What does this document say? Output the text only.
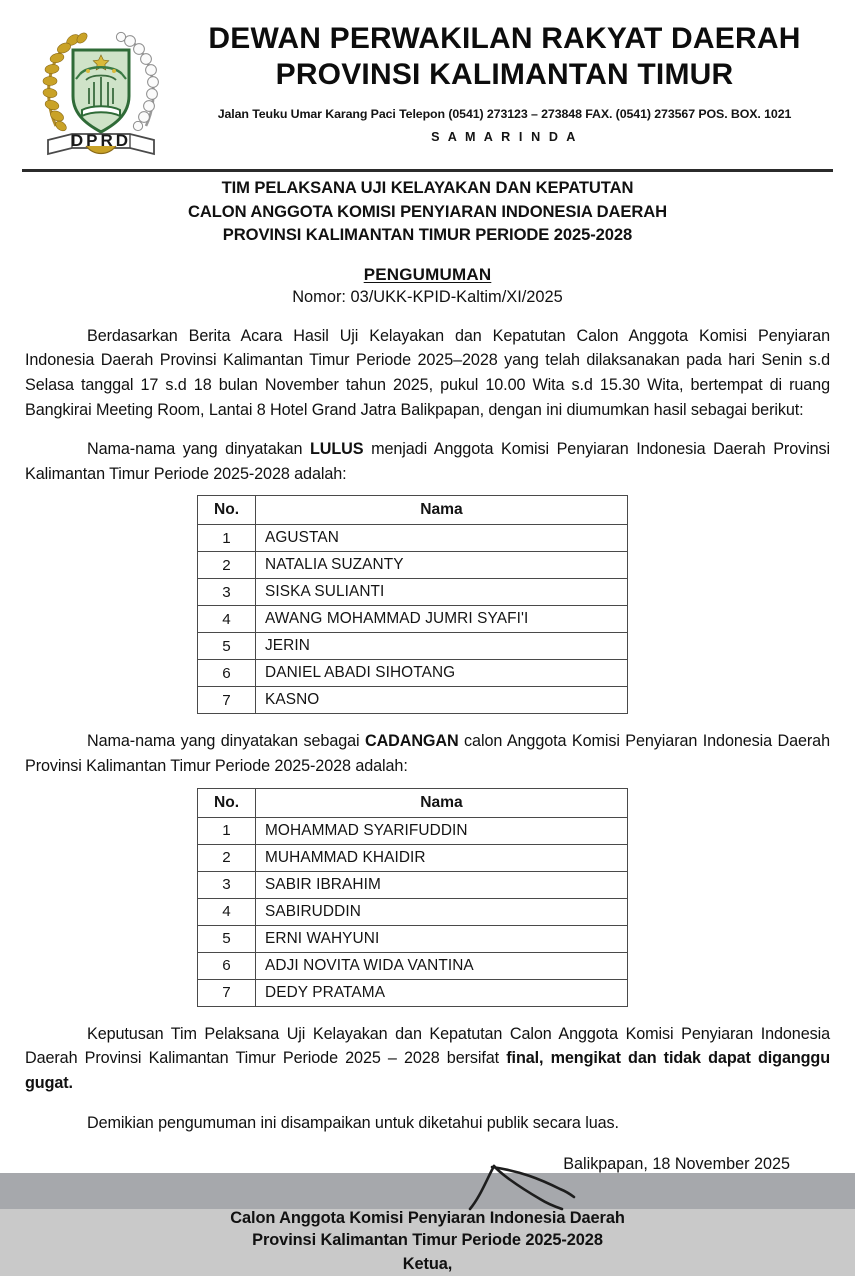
DPRD
DEWAN PERWAKILAN RAKYAT DAERAH
PROVINSI KALIMANTAN TIMUR
Jalan Teuku Umar Karang Paci Telepon (0541) 273123 – 273848 FAX. (0541) 273567 POS. BOX. 1021
S A M A R I N D A
TIM PELAKSANA UJI KELAYAKAN DAN KEPATUTAN
CALON ANGGOTA KOMISI PENYIARAN INDONESIA DAERAH
PROVINSI KALIMANTAN TIMUR PERIODE 2025-2028
PENGUMUMAN
Nomor: 03/UKK-KPID-Kaltim/XI/2025

Berdasarkan Berita Acara Hasil Uji Kelayakan dan Kepatutan Calon Anggota Komisi Penyiaran Indonesia Daerah Provinsi Kalimantan Timur Periode 2025–2028 yang telah dilaksanakan pada hari Senin s.d Selasa tanggal 17 s.d 18 bulan November tahun 2025, pukul 10.00 Wita s.d 15.30 Wita, bertempat di ruang Bangkirai Meeting Room, Lantai 8 Hotel Grand Jatra Balikpapan, dengan ini diumumkan hasil sebagai berikut:

Nama-nama yang dinyatakan LULUS menjadi Anggota Komisi Penyiaran Indonesia Daerah Provinsi Kalimantan Timur Periode 2025-2028 adalah:

No.	Nama
1	AGUSTAN
2	NATALIA SUZANTY
3	SISKA SULIANTI
4	AWANG MOHAMMAD JUMRI SYAFI'I
5	JERIN
6	DANIEL ABADI SIHOTANG
7	KASNO

Nama-nama yang dinyatakan sebagai CADANGAN calon Anggota Komisi Penyiaran Indonesia Daerah Provinsi Kalimantan Timur Periode 2025-2028 adalah:

No.	Nama
1	MOHAMMAD SYARIFUDDIN
2	MUHAMMAD KHAIDIR
3	SABIR IBRAHIM
4	SABIRUDDIN
5	ERNI WAHYUNI
6	ADJI NOVITA WIDA VANTINA
7	DEDY PRATAMA

Keputusan Tim Pelaksana Uji Kelayakan dan Kepatutan Calon Anggota Komisi Penyiaran Indonesia Daerah Provinsi Kalimantan Timur Periode 2025 – 2028 bersifat final, mengikat dan tidak dapat diganggu gugat.

Demikian pengumuman ini disampaikan untuk diketahui publik secara luas.

Balikpapan, 18 November 2025
Calon Anggota Komisi Penyiaran Indonesia Daerah
Provinsi Kalimantan Timur Periode 2025-2028
Ketua,
